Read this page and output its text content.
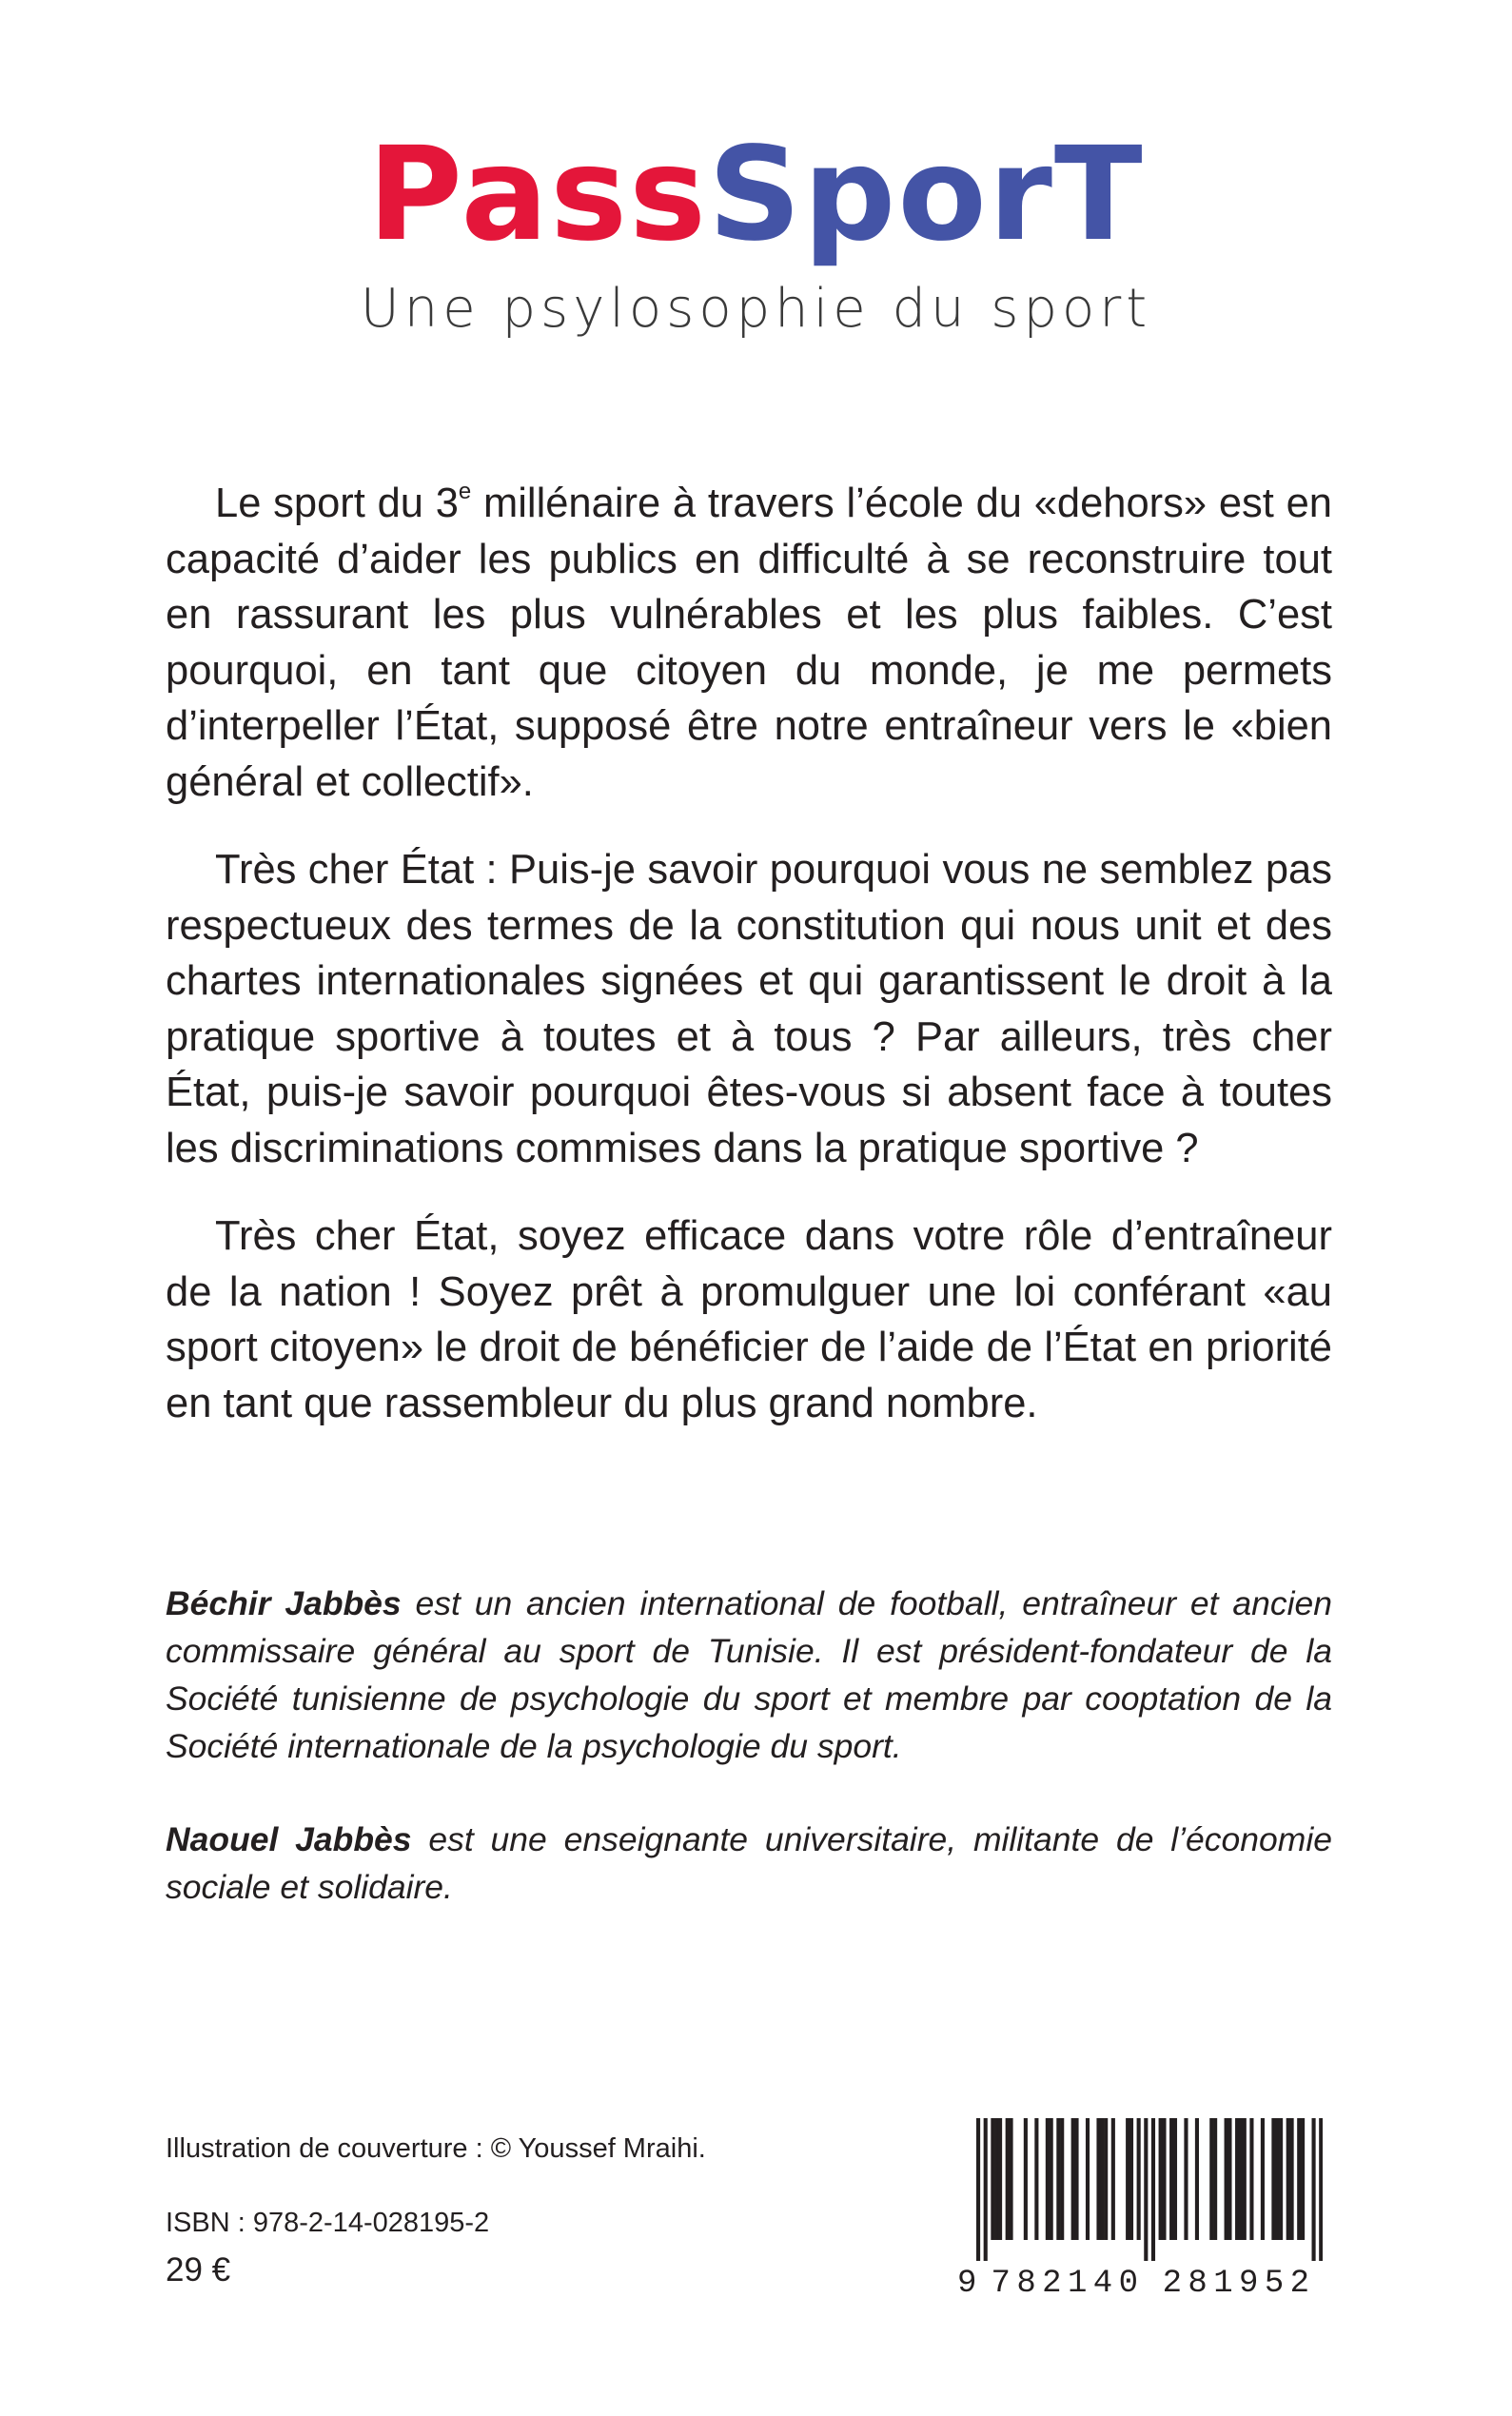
PassSporT
Une psylosophie du sport

Le sport du 3e millénaire à travers l’école du «dehors» est en capacité d’aider les publics en difficulté à se reconstruire tout en rassurant les plus vulnérables et les plus faibles. C’est pourquoi, en tant que citoyen du monde, je me permets d’interpeller l’État, supposé être notre entraîneur vers le «bien général et collectif».

Très cher État : Puis-je savoir pourquoi vous ne semblez pas respectueux des termes de la constitution qui nous unit et des chartes internationales signées et qui garantissent le droit à la pratique sportive à toutes et à tous ? Par ailleurs, très cher État, puis-je savoir pourquoi êtes-vous si absent face à toutes les discriminations commises dans la pratique sportive ?

Très cher État, soyez efficace dans votre rôle d’entraîneur de la nation ! Soyez prêt à promulguer une loi conférant «au sport citoyen» le droit de bénéficier de l’aide de l’État en priorité en tant que rassembleur du plus grand nombre.

Béchir Jabbès est un ancien international de football, entraîneur et ancien commissaire général au sport de Tunisie. Il est président-fondateur de la Société tunisienne de psychologie du sport et membre par cooptation de la Société internationale de la psychologie du sport.

Naouel Jabbès est une enseignante universitaire, militante de l’économie sociale et solidaire.

Illustration de couverture : © Youssef Mraihi.
ISBN : 978-2-14-028195-2
29 €	9 7 8 2 1 4 0 2 8 1 9 5 2
